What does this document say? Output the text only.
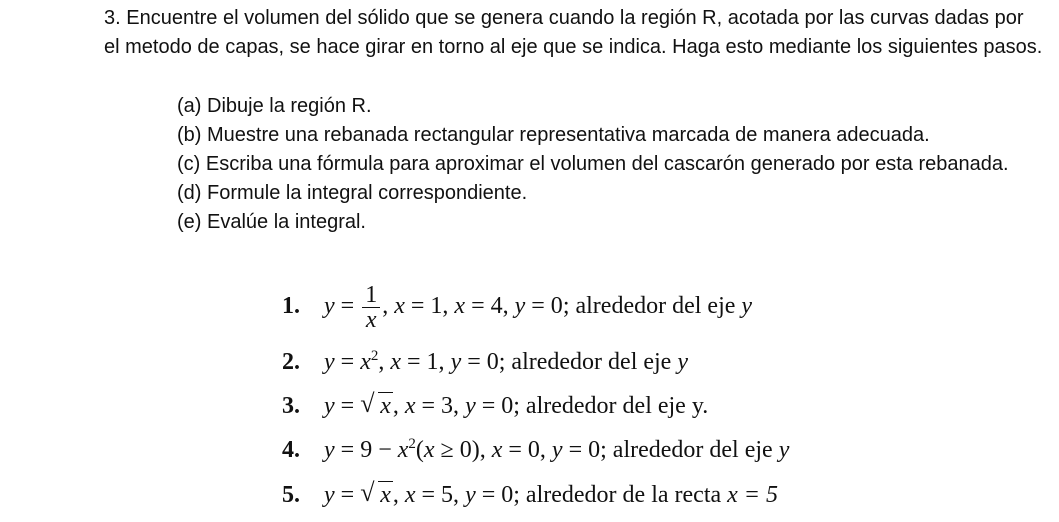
3. Encuentre el volumen del sólido que se genera cuando la región R, acotada por las curvas dadas por el metodo de capas, se hace girar en torno al eje que se indica. Haga esto mediante los siguientes pasos.
(a) Dibuje la región R.
(b) Muestre una rebanada rectangular representativa marcada de manera adecuada.
(c) Escriba una fórmula para aproximar el volumen del cascarón generado por esta rebanada.
(d) Formule la integral correspondiente.
(e) Evalúe la integral.
1. $y = \frac{1}{x}$ , x = 1, x = 4, y = 0; alrededor del eje y
2. $y = x^2$, x = 1, y = 0; alrededor del eje y
3. y = √ x, x = 3, y = 0; alrededor del eje y.
4. $y = 9 - x^2(x \ge 0)$, x = 0, y = 0; alrededor del eje y
5. y = √ x, x = 5, y = 0; alrededor de la recta x = 5
